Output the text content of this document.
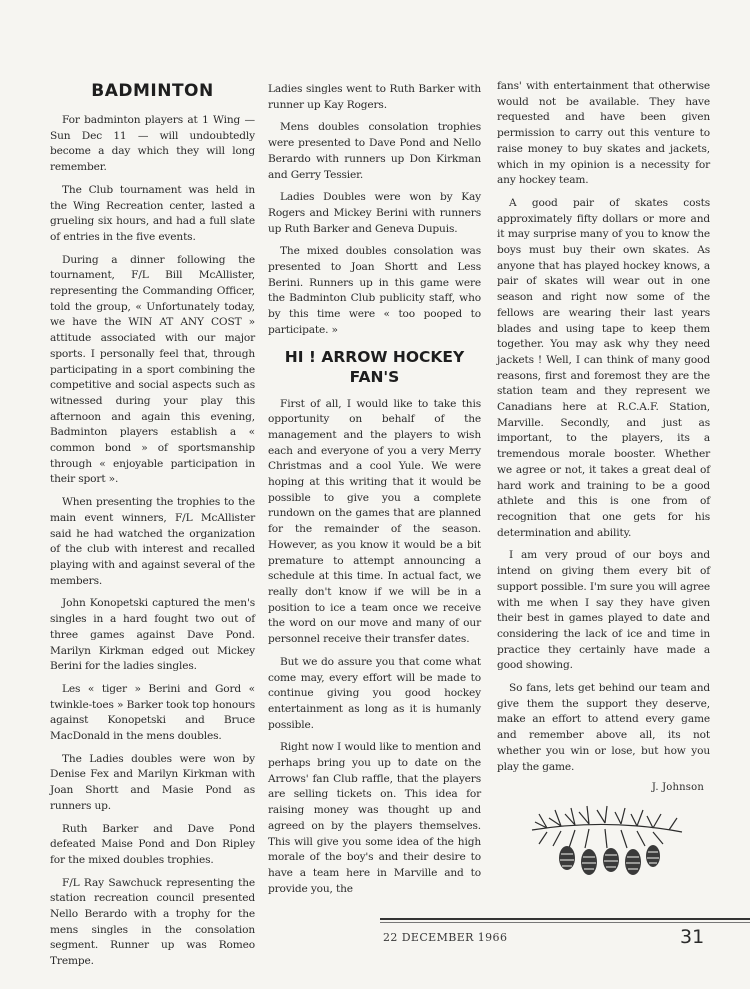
BADMINTON

For badminton players at 1 Wing — Sun Dec 11 — will undoubtedly become a day which they will long remember.

The Club tournament was held in the Wing Recreation center, lasted a grueling six hours, and had a full slate of entries in the five events.

During a dinner following the tournament, F/L Bill McAllister, representing the Commanding Officer, told the group, « Unfortunately today, we have the WIN AT ANY COST » attitude associated with our major sports. I personally feel that, through participating in a sport combining the competitive and social aspects such as witnessed during your play this afternoon and again this evening, Badminton players establish a « common bond » of sportsmanship through « enjoyable participation in their sport ».

When presenting the trophies to the main event winners, F/L McAllister said he had watched the organization of the club with interest and recalled playing with and against several of the members.

John Konopetski captured the men's singles in a hard fought two out of three games against Dave Pond. Marilyn Kirkman edged out Mickey Berini for the ladies singles.

Les « tiger » Berini and Gord « twinkle-toes » Barker took top honours against Konopetski and Bruce MacDonald in the mens doubles.

The Ladies doubles were won by Denise Fex and Marilyn Kirkman with Joan Shortt and Masie Pond as runners up.

Ruth Barker and Dave Pond defeated Maise Pond and Don Ripley for the mixed doubles trophies.

F/L Ray Sawchuck representing the station recreation council presented Nello Berardo with a trophy for the mens singles in the consolation segment. Runner up was Romeo Trempe.

Ladies singles went to Ruth Barker with runner up Kay Rogers.

Mens doubles consolation trophies were presented to Dave Pond and Nello Berardo with runners up Don Kirkman and Gerry Tessier.

Ladies Doubles were won by Kay Rogers and Mickey Berini with runners up Ruth Barker and Geneva Dupuis.

The mixed doubles consolation was presented to Joan Shortt and Less Berini. Runners up in this game were the Badminton Club publicity staff, who by this time were « too pooped to participate. »

HI ! ARROW HOCKEY FAN'S

First of all, I would like to take this opportunity on behalf of the management and the players to wish each and everyone of you a very Merry Christmas and a cool Yule. We were hoping at this writing that it would be possible to give you a complete rundown on the games that are planned for the remainder of the season. However, as you know it would be a bit premature to attempt announcing a schedule at this time. In actual fact, we really don't know if we will be in a position to ice a team once we receive the word on our move and many of our personnel receive their transfer dates.

But we do assure you that come what come may, every effort will be made to continue giving you good hockey entertainment as long as it is humanly possible.

Right now I would like to mention and perhaps bring you up to date on the Arrows' fan Club raffle, that the players are selling tickets on. This idea for raising money was thought up and agreed on by the players themselves. This will give you some idea of the high morale of the boy's and their desire to have a team here in Marville and to provide you, the

fans' with entertainment that otherwise would not be available. They have requested and have been given permission to carry out this venture to raise money to buy skates and jackets, which in my opinion is a necessity for any hockey team.

A good pair of skates costs approximately fifty dollars or more and it may surprise many of you to know the boys must buy their own skates. As anyone that has played hockey knows, a pair of skates will wear out in one season and right now some of the fellows are wearing their last years blades and using tape to keep them together. You may ask why they need jackets ! Well, I can think of many good reasons, first and foremost they are the station team and they represent we Canadians here at R.C.A.F. Station, Marville. Secondly, and just as important, to the players, its a tremendous morale booster. Whether we agree or not, it takes a great deal of hard work and training to be a good athlete and this is one from of recognition that one gets for his determination and ability.

I am very proud of our boys and intend on giving them every bit of support possible. I'm sure you will agree with me when I say they have given their best in games played to date and considering the lack of ice and time in practice they certainly have made a good showing.

So fans, lets get behind our team and give them the support they deserve, make an effort to attend every game and remember above all, its not whether you win or lose, but how you play the game.

J. Johnson
22 DECEMBER 1966	31
